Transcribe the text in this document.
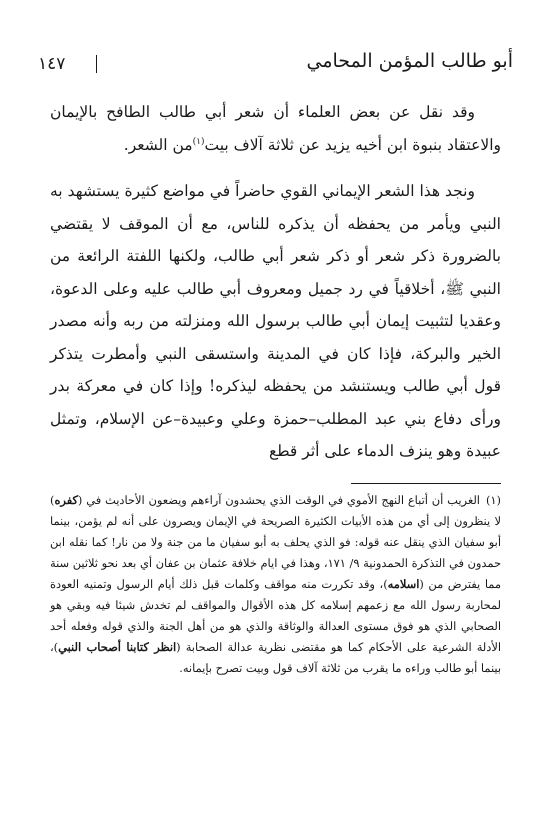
١٤٧	أبو طالب المؤمن المحامي

وقد نقل عن بعض العلماء أن شعر أبي طالب الطافح بالإيمان والاعتقاد بنبوة ابن أخيه يزيد عن ثلاثة آلاف بيت$^{(١)}$من الشعر.

ونجد هذا الشعر الإيماني القوي حاضراً في مواضع كثيرة يستشهد به النبي ويأمر من يحفظه أن يذكره للناس، مع أن الموقف لا يقتضي بالضرورة ذكر شعر أو ذكر شعر أبي طالب، ولكنها اللفتة الرائعة من النبي ﷺ، أخلاقياً في رد جميل ومعروف أبي طالب عليه وعلى الدعوة، وعقديا لتثبيت إيمان أبي طالب برسول الله ومنزلته من ربه وأنه مصدر الخير والبركة، فإذا كان في المدينة واستسقى النبي وأمطرت يتذكر قول أبي طالب ويستنشد من يحفظه ليذكره! وإذا كان في معركة بدر ورأى دفاع بني عبد المطلب–حمزة وعلي وعبيدة–عن الإسلام، وتمثل عبيدة وهو ينزف الدماء على أثر قطع

(١)الغريب أن أتباع النهج الأموي في الوقت الذي يحشدون آراءهم ويضعون الأحاديث في (كفره) لا ينظرون إلى أي من هذه الأبيات الكثيرة الصريحة في الإيمان ويصرون على أنه لم يؤمن، بينما أبو سفيان الذي ينقل عنه قوله: فو الذي يحلف به أبو سفيان ما من جنة ولا من نار! كما نقله ابن حمدون في التذكرة الحمدونية ٩/ ١٧١، وهذا في ايام خلافة عثمان بن عفان أي بعد نحو ثلاثين سنة مما يفترض من (اسلامه)، وقد تكررت منه مواقف وكلمات قبل ذلك أيام الرسول وتمنيه العودة لمحاربة رسول الله مع زعمهم إسلامه كل هذه الأقوال والمواقف لم تخدش شيئا فيه وبقي هو الصحابي الذي هو فوق مستوى العدالة والوثاقة والذي هو من أهل الجنة والذي قوله وفعله أحد الأدلة الشرعية على الأحكام كما هو مقتضى نظرية عدالة الصحابة (انظر كتابنا أصحاب النبي)، بينما أبو طالب وراءه ما يقرب من ثلاثة آلاف قول وبيت تصرح بإيمانه.
